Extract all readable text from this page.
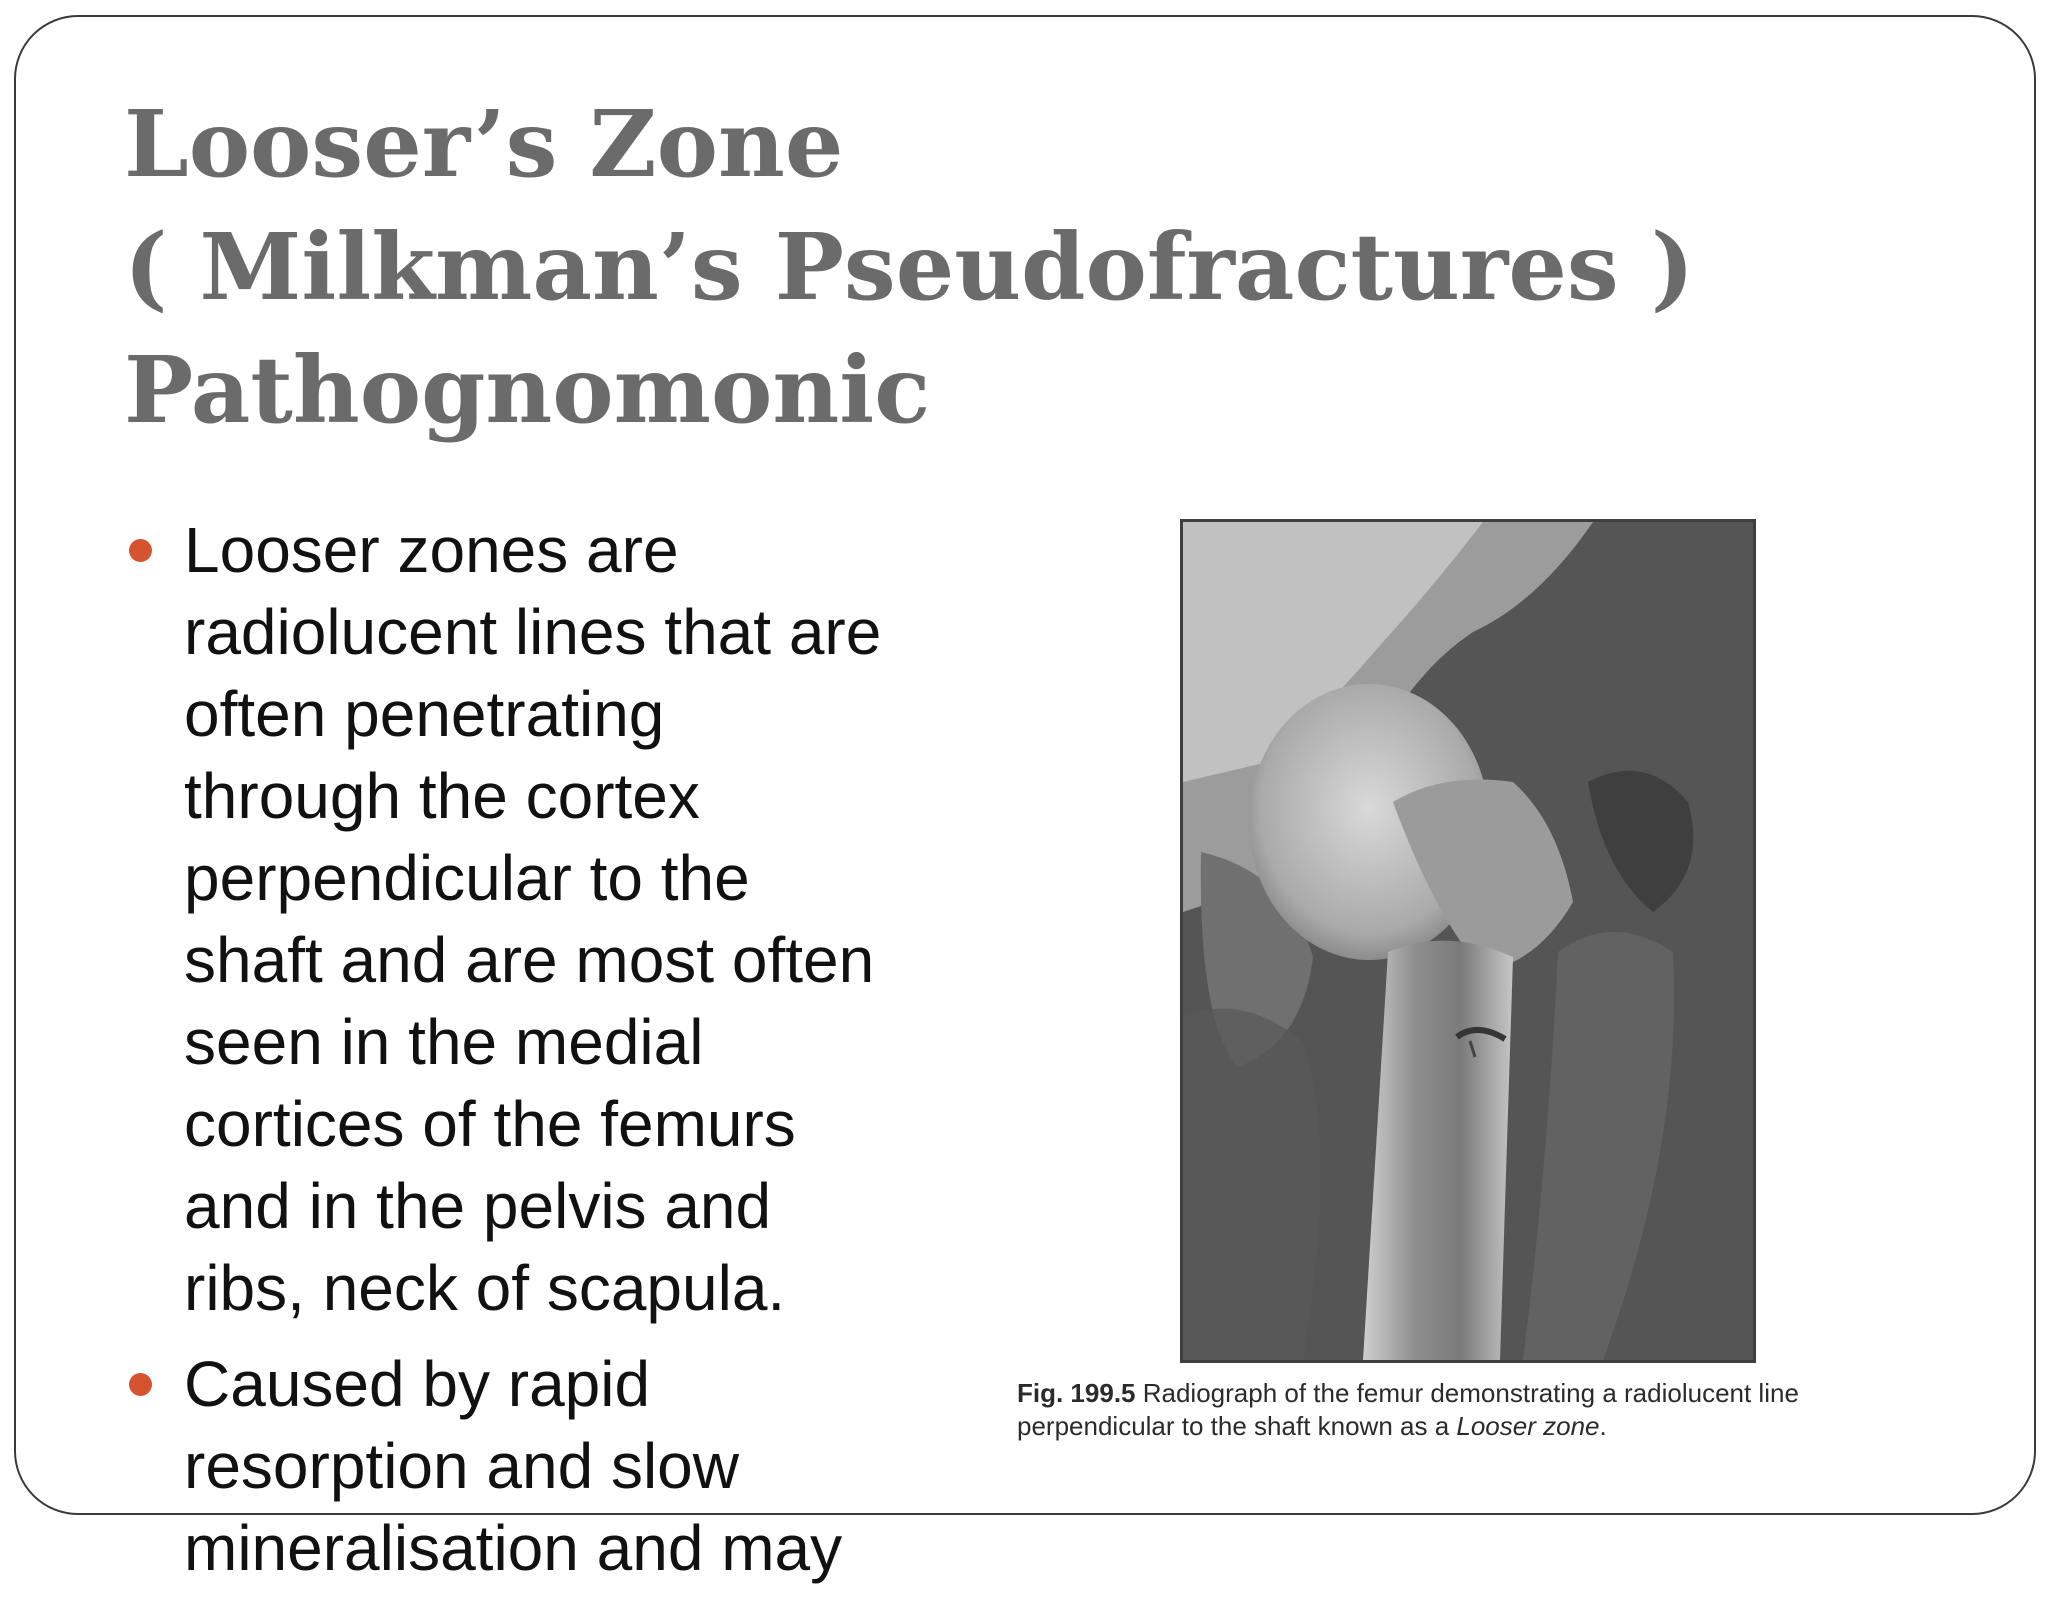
Looser’s Zone
( Milkman’s Pseudofractures )
Pathognomonic
Looser zones are
radiolucent lines that are
often penetrating
through the cortex
perpendicular to the
shaft and are most often
seen in the medial
cortices of the femurs
and in the pelvis and
ribs, neck of scapula.
Caused by rapid
resorption and slow
mineralisation and may
Fig. 199.5 Radiograph of the femur demonstrating a radiolucent line perpendicular to the shaft known as a Looser zone.
